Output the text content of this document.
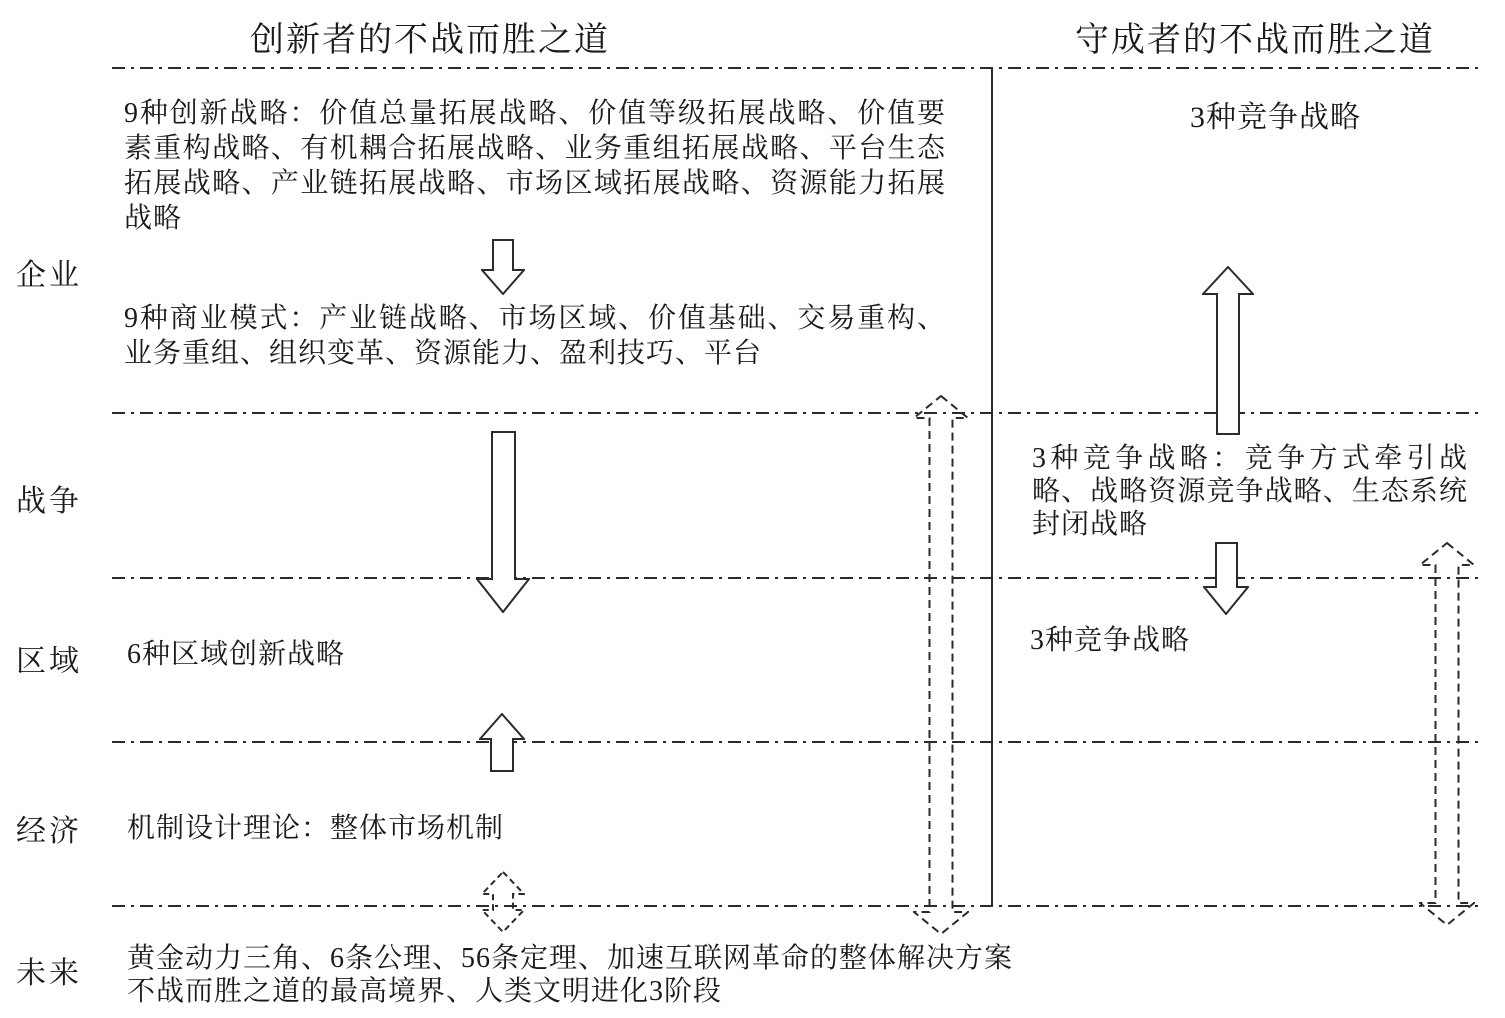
创新者的不战而胜之道	守成者的不战而胜之道
企业
战争
区域
经济
未来
9种创新战略：价值总量拓展战略、价值等级拓展战略、价值要素重构战略、有机耦合拓展战略、业务重组拓展战略、平台生态拓展战略、产业链拓展战略、市场区域拓展战略、资源能力拓展战略
9种商业模式：产业链战略、市场区域、价值基础、交易重构、业务重组、组织变革、资源能力、盈利技巧、平台
6种区域创新战略
机制设计理论：整体市场机制
黄金动力三角、6条公理、56条定理、加速互联网革命的整体解决方案
不战而胜之道的最高境界、人类文明进化3阶段
3种竞争战略
3种竞争战略：竞争方式牵引战略、战略资源竞争战略、生态系统封闭战略
3种竞争战略
